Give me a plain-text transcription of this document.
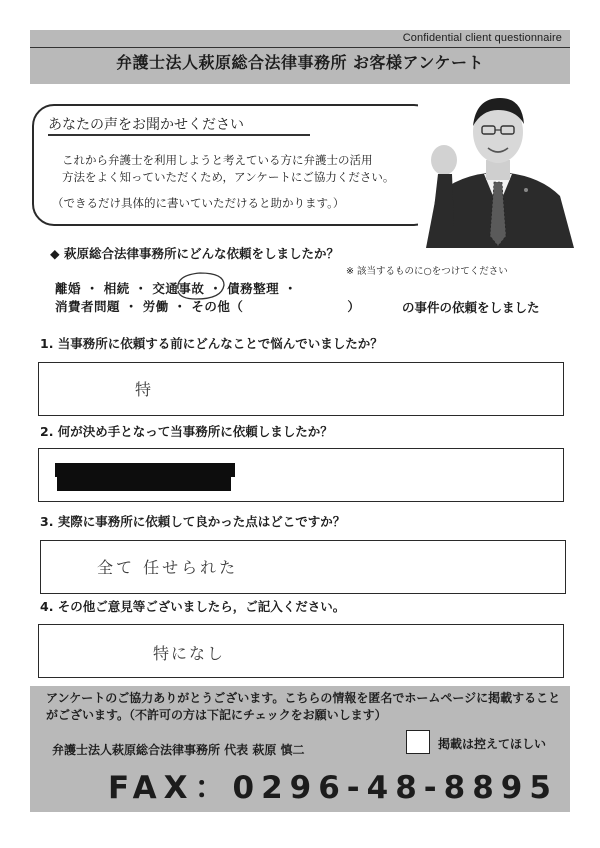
Confidential client questionnaire
弁護士法人萩原総合法律事務所 お客様アンケート
あなたの声をお聞かせください
これから弁護士を利用しようと考えている方に弁護士の活用
方法をよく知っていただくため，アンケートにご協力ください。
（できるだけ具体的に書いていただけると助かります。）
◆ 萩原総合法律事務所にどんな依頼をしましたか？
※ 該当するものに○をつけてください
離婚 ・ 相続 ・ 交通事故 ・ 債務整理 ・
消費者問題 ・ 労働 ・ その他（　　　　　　　　）	の事件の依頼をしました
1. 当事務所に依頼する前にどんなことで悩んでいましたか？
特
2. 何が決め手となって当事務所に依頼しましたか？
3. 実際に事務所に依頼して良かった点はどこですか？
全て 任せられた
4. その他ご意見等ございましたら，ご記入ください。
特になし
アンケートのご協力ありがとうございます。こちらの情報を匿名でホームページに掲載することがございます。（不許可の方は下記にチェックをお願いします）
弁護士法人萩原総合法律事務所 代表 萩原 慎二	掲載は控えてほしい
FAX：0296-48-8895
